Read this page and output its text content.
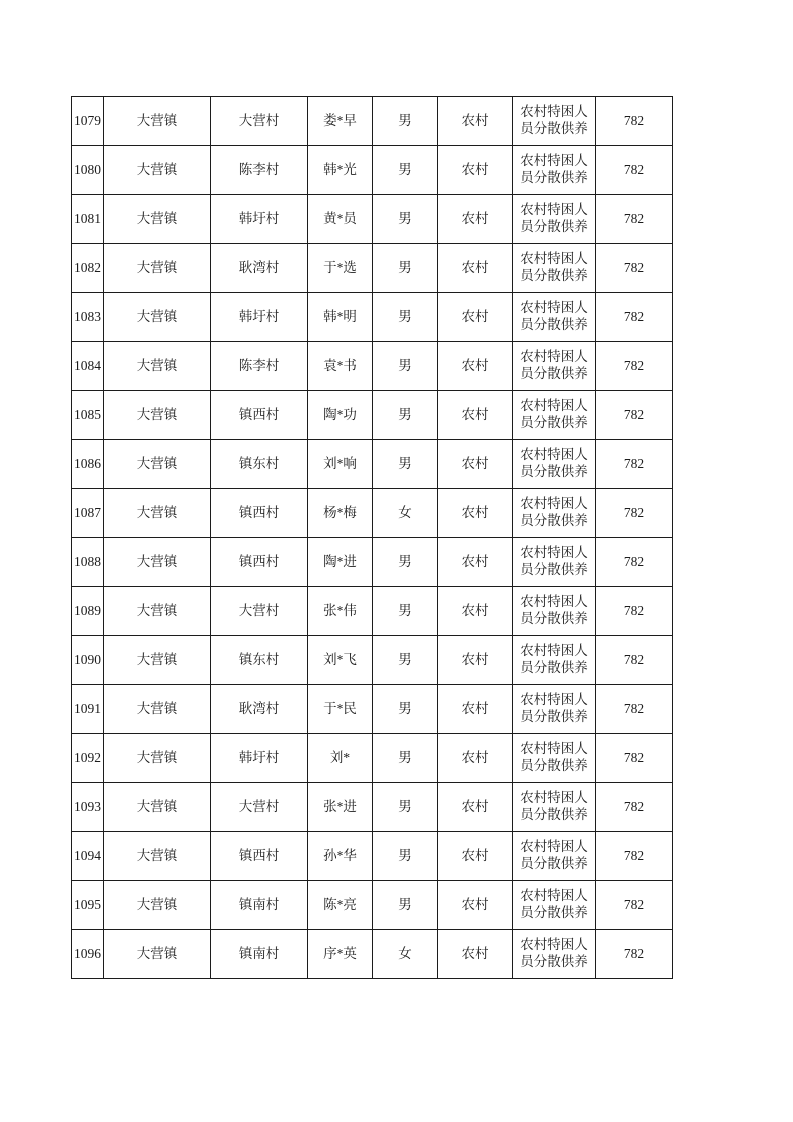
1079	大营镇	大营村	娄*早	男	农村	农村特困人
员分散供养	782
1080	大营镇	陈李村	韩*光	男	农村	农村特困人
员分散供养	782
1081	大营镇	韩圩村	黄*员	男	农村	农村特困人
员分散供养	782
1082	大营镇	耿湾村	于*选	男	农村	农村特困人
员分散供养	782
1083	大营镇	韩圩村	韩*明	男	农村	农村特困人
员分散供养	782
1084	大营镇	陈李村	袁*书	男	农村	农村特困人
员分散供养	782
1085	大营镇	镇西村	陶*功	男	农村	农村特困人
员分散供养	782
1086	大营镇	镇东村	刘*响	男	农村	农村特困人
员分散供养	782
1087	大营镇	镇西村	杨*梅	女	农村	农村特困人
员分散供养	782
1088	大营镇	镇西村	陶*进	男	农村	农村特困人
员分散供养	782
1089	大营镇	大营村	张*伟	男	农村	农村特困人
员分散供养	782
1090	大营镇	镇东村	刘*飞	男	农村	农村特困人
员分散供养	782
1091	大营镇	耿湾村	于*民	男	农村	农村特困人
员分散供养	782
1092	大营镇	韩圩村	刘*	男	农村	农村特困人
员分散供养	782
1093	大营镇	大营村	张*进	男	农村	农村特困人
员分散供养	782
1094	大营镇	镇西村	孙*华	男	农村	农村特困人
员分散供养	782
1095	大营镇	镇南村	陈*亮	男	农村	农村特困人
员分散供养	782
1096	大营镇	镇南村	序*英	女	农村	农村特困人
员分散供养	782
